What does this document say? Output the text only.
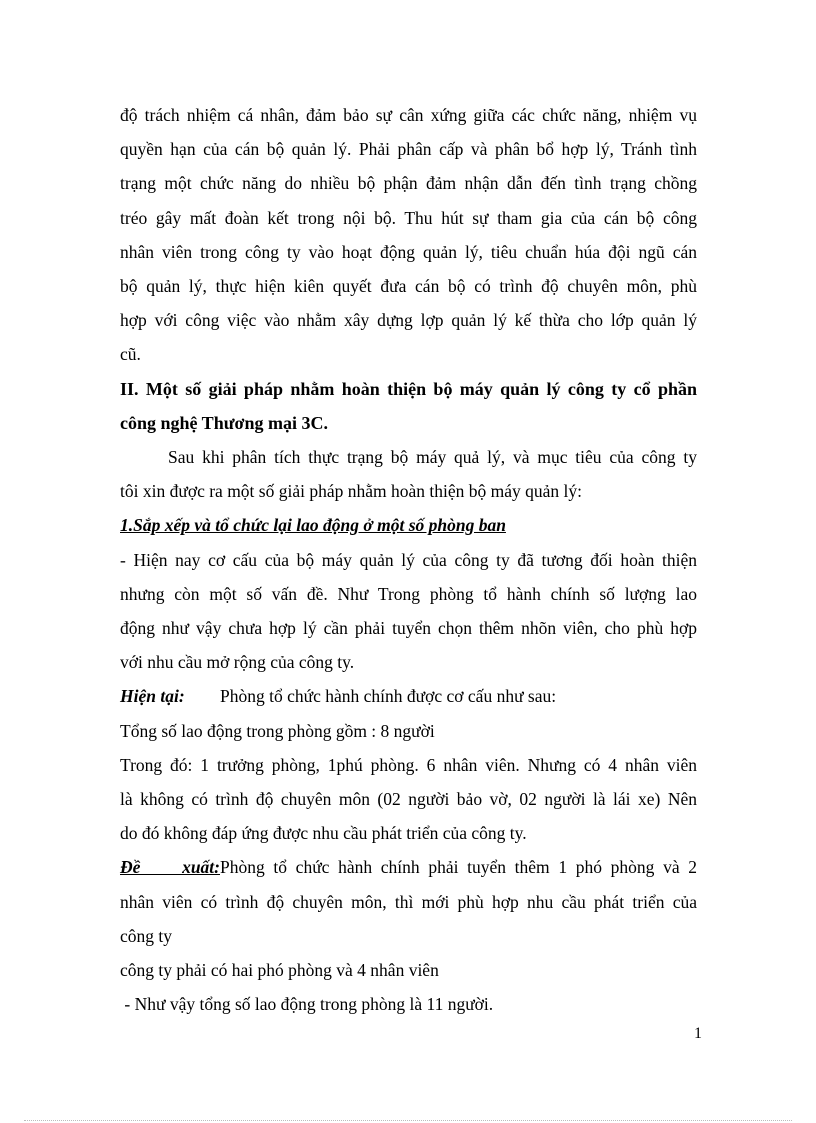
độ trách nhiệm cá nhân, đảm bảo sự cân xứng giữa các chức năng, nhiệm vụ

quyền hạn của cán bộ quản lý. Phải phân cấp và phân bổ hợp lý, Tránh tình

trạng một chức năng do nhiều bộ phận đảm nhận dẫn đến tình trạng chồng

tréo gây mất đoàn kết trong nội bộ. Thu hút sự tham gia của cán bộ công

nhân viên trong công ty vào hoạt động quản lý, tiêu chuẩn húa đội ngũ cán

bộ quản lý, thực hiện kiên quyết đưa cán bộ có trình độ chuyên môn, phù

hợp với công việc vào nhằm xây dựng lợp quản lý kế thừa cho lớp quản lý

cũ.

II. Một số giải pháp nhằm hoàn thiện bộ máy quản lý công ty cổ phần

công nghệ Thương mại 3C.

Sau khi phân tích thực trạng bộ máy quả lý, và mục tiêu của công ty

tôi xin được ra một số giải pháp nhằm hoàn thiện bộ máy quản lý:

1.Sắp xếp và tổ chức lại lao động ở một số phòng ban

- Hiện nay cơ cấu của bộ máy quản lý của công ty đã tương đối hoàn thiện

nhưng còn một số vấn đề. Như Trong phòng tổ hành chính số lượng lao

động như vậy chưa hợp lý cần phải tuyển chọn thêm nhõn viên, cho phù hợp

với nhu cầu mở rộng của công ty.

Hiện tại: Phòng tổ chức hành chính được cơ cấu như sau:

Tổng số lao động trong phòng gồm : 8 người

Trong đó: 1 trưởng phòng, 1phú phòng. 6 nhân viên. Nhưng có 4 nhân viên

là không có trình độ chuyên môn (02 người bảo vờ, 02 người là lái xe) Nên

do đó không đáp ứng được nhu cầu phát triển của công ty.

Đề xuất:Phòng tổ chức hành chính phải tuyển thêm 1 phó phòng và 2

nhân viên có trình độ chuyên môn, thì mới phù hợp nhu cầu phát triển của

công ty

công ty phải có hai phó phòng và 4 nhân viên

- Như vậy tổng số lao động trong phòng là 11 người.

1
